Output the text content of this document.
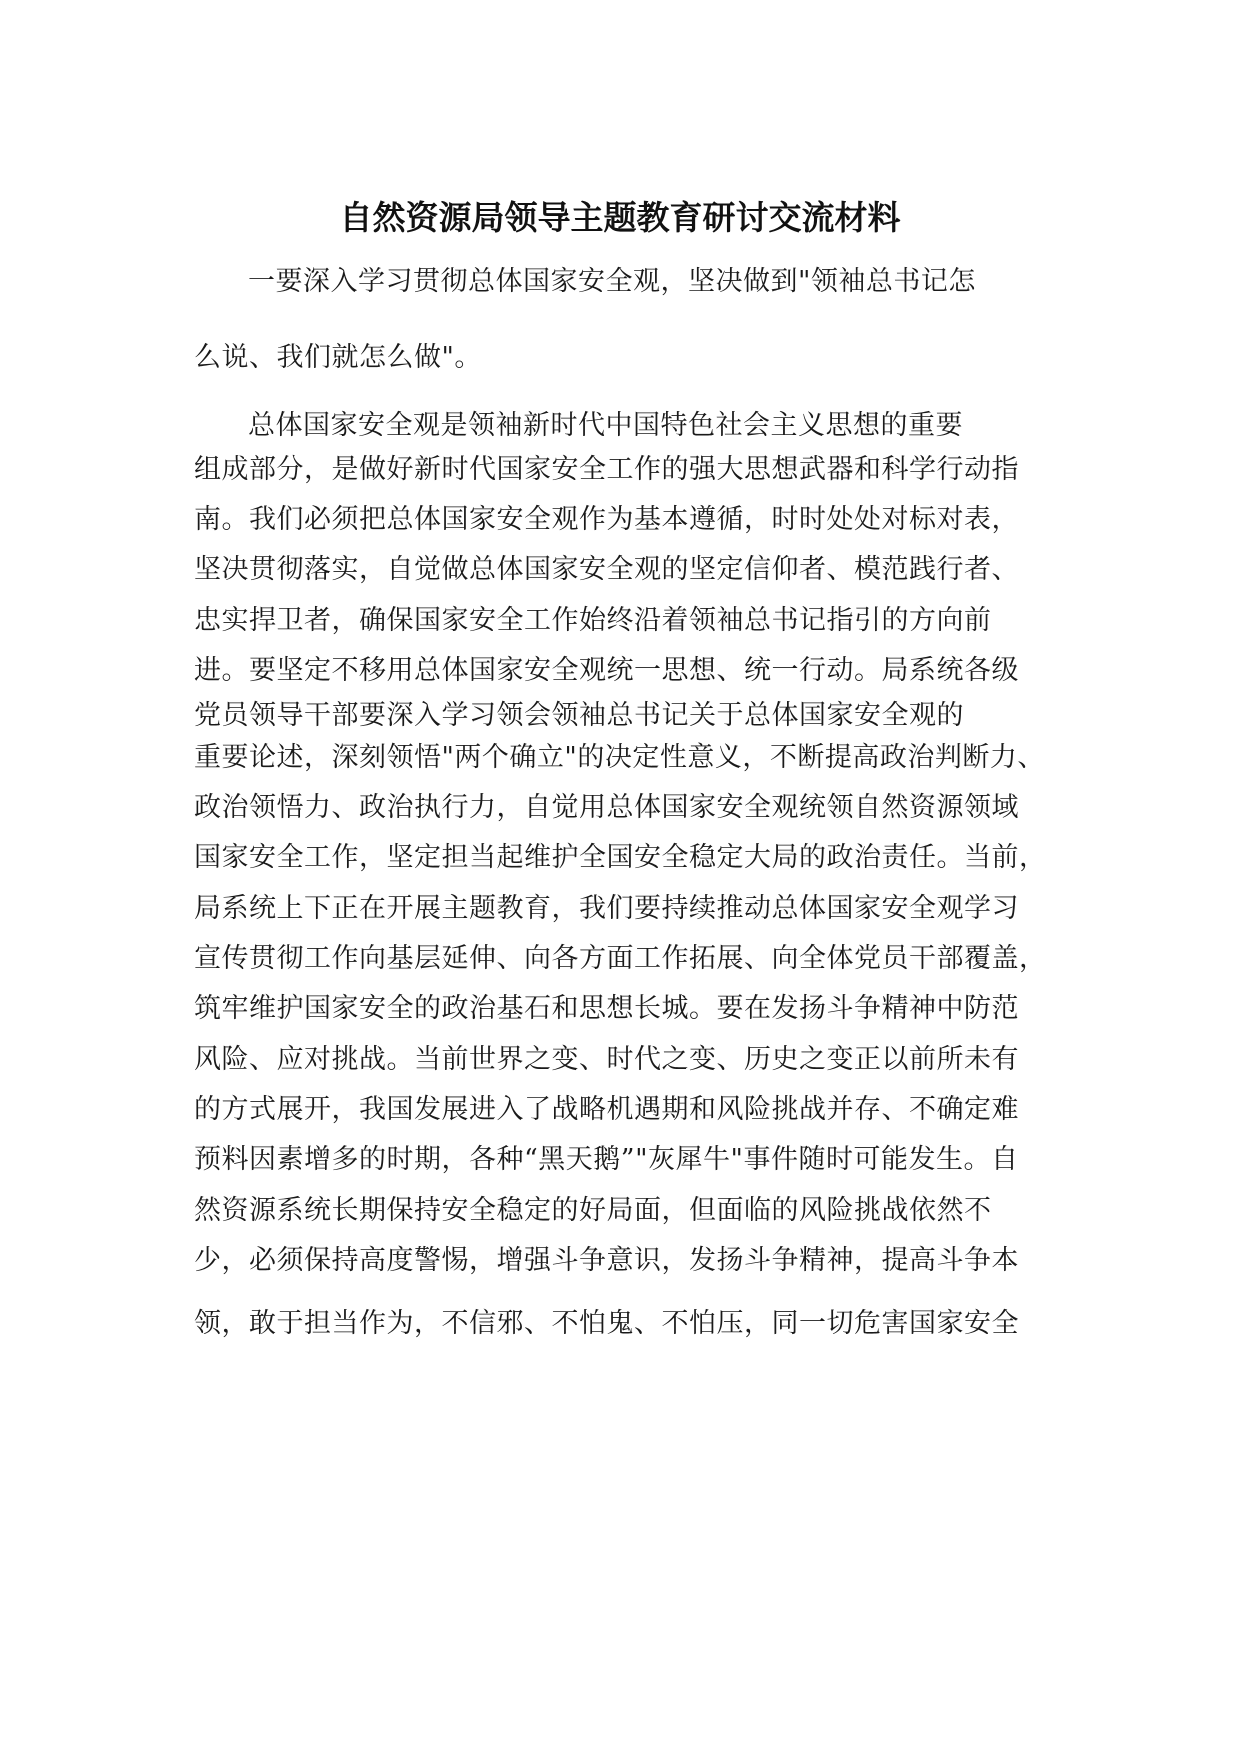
自然资源局领导主题教育研讨交流材料

一要深入学习贯彻总体国家安全观，坚决做到"领袖总书记怎

么说、我们就怎么做"。

总体国家安全观是领袖新时代中国特色社会主义思想的重要

组成部分，是做好新时代国家安全工作的强大思想武器和科学行动指

南。我们必须把总体国家安全观作为基本遵循，时时处处对标对表，

坚决贯彻落实，自觉做总体国家安全观的坚定信仰者、模范践行者、

忠实捍卫者，确保国家安全工作始终沿着领袖总书记指引的方向前

进。要坚定不移用总体国家安全观统一思想、统一行动。局系统各级

党员领导干部要深入学习领会领袖总书记关于总体国家安全观的

重要论述，深刻领悟"两个确立"的决定性意义，不断提高政治判断力、

政治领悟力、政治执行力，自觉用总体国家安全观统领自然资源领域

国家安全工作，坚定担当起维护全国安全稳定大局的政治责任。当前，

局系统上下正在开展主题教育，我们要持续推动总体国家安全观学习

宣传贯彻工作向基层延伸、向各方面工作拓展、向全体党员干部覆盖，

筑牢维护国家安全的政治基石和思想长城。要在发扬斗争精神中防范

风险、应对挑战。当前世界之变、时代之变、历史之变正以前所未有

的方式展开，我国发展进入了战略机遇期和风险挑战并存、不确定难

预料因素增多的时期，各种“黑天鹅”"灰犀牛"事件随时可能发生。自

然资源系统长期保持安全稳定的好局面，但面临的风险挑战依然不

少，必须保持高度警惕，增强斗争意识，发扬斗争精神，提高斗争本

领，敢于担当作为，不信邪、不怕鬼、不怕压，同一切危害国家安全
